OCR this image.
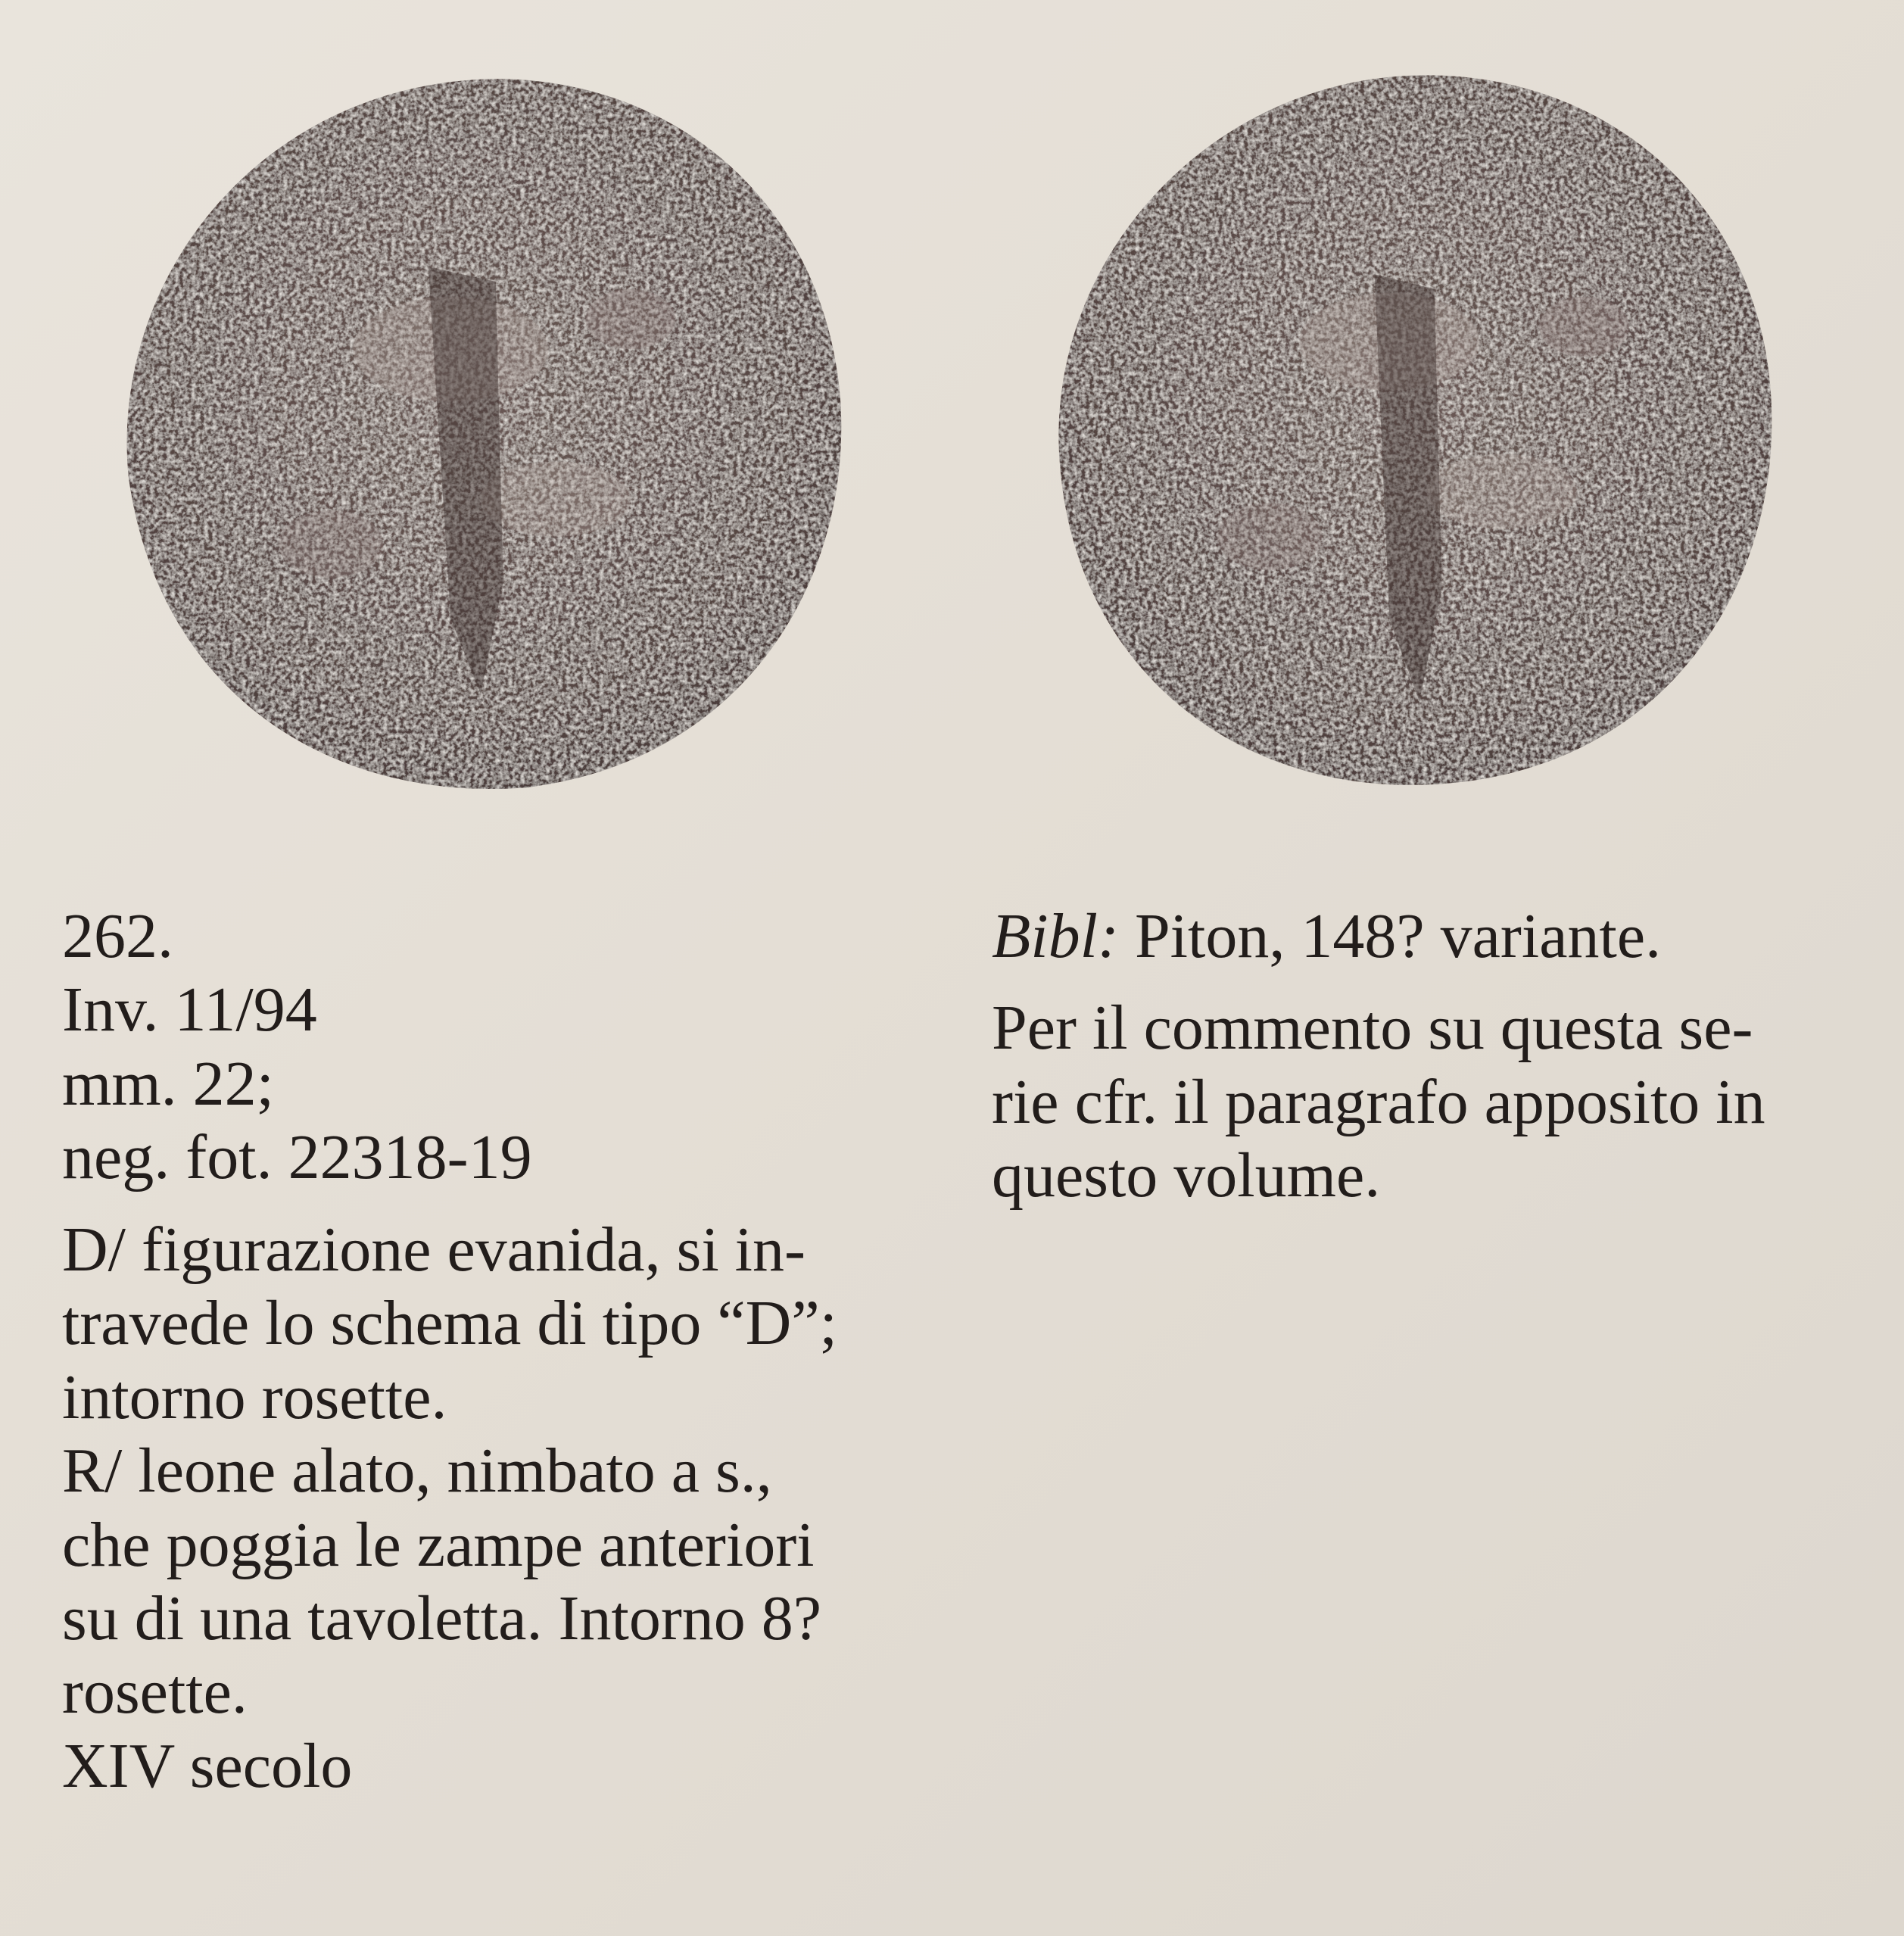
262.
Inv. 11/94
mm. 22;
neg. fot. 22318-19
D/ figurazione evanida, si in-
travede lo schema di tipo “D”;
intorno rosette.
R/ leone alato, nimbato a s.,
che poggia le zampe anteriori
su di una tavoletta. Intorno 8?
rosette.
XIV secolo
Bibl: Piton, 148? variante.
Per il commento su questa se-
rie cfr. il paragrafo apposito in
questo volume.
